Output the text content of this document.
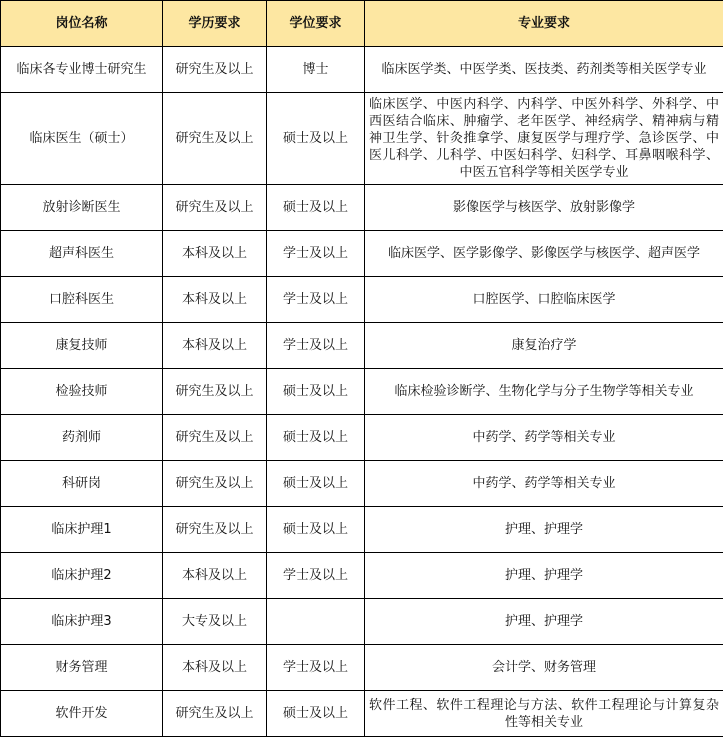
岗位名称	学历要求	学位要求	专业要求
临床各专业博士研究生	研究生及以上	博士	临床医学类、中医学类、医技类、药剂类等相关医学专业
临床医生（硕士）	研究生及以上	硕士及以上	临床医学、中医内科学、内科学、中医外科学、外科学、中西医结合临床、肿瘤学、老年医学、神经病学、精神病与精神卫生学、针灸推拿学、康复医学与理疗学、急诊医学、中医儿科学、儿科学、中医妇科学、妇科学、耳鼻咽喉科学、中医五官科学等相关医学专业
放射诊断医生	研究生及以上	硕士及以上	影像医学与核医学、放射影像学
超声科医生	本科及以上	学士及以上	临床医学、医学影像学、影像医学与核医学、超声医学
口腔科医生	本科及以上	学士及以上	口腔医学、口腔临床医学
康复技师	本科及以上	学士及以上	康复治疗学
检验技师	研究生及以上	硕士及以上	临床检验诊断学、生物化学与分子生物学等相关专业
药剂师	研究生及以上	硕士及以上	中药学、药学等相关专业
科研岗	研究生及以上	硕士及以上	中药学、药学等相关专业
临床护理1	研究生及以上	硕士及以上	护理、护理学
临床护理2	本科及以上	学士及以上	护理、护理学
临床护理3	大专及以上		护理、护理学
财务管理	本科及以上	学士及以上	会计学、财务管理
软件开发	研究生及以上	硕士及以上	软件工程、软件工程理论与方法、软件工程理论与计算复杂性等相关专业
